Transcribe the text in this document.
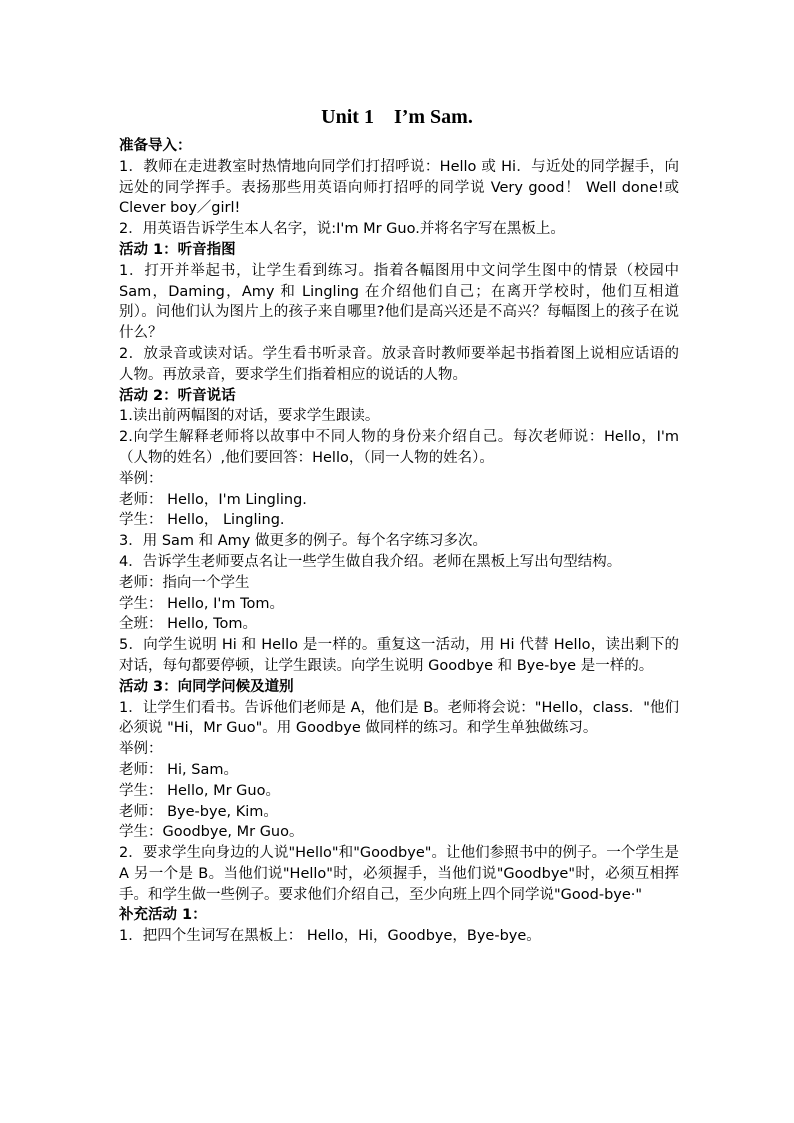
Unit 1    I’m Sam.

准备导入：

1．教师在走进教室时热情地向同学们打招呼说：Hello 或 Hi．与近处的同学握手，向远处的同学挥手。表扬那些用英语向师打招呼的同学说 Very good！ Well done!或 Clever boy／girl!

2．用英语告诉学生本人名字，说:I'm Mr Guo.并将名字写在黑板上。

活动 1：听音指图

1．打开并举起书，让学生看到练习。指着各幅图用中文问学生图中的情景（校园中 Sam，Daming，Amy 和 Lingling 在介绍他们自己；在离开学校时，他们互相道别）。问他们认为图片上的孩子来自哪里?他们是高兴还是不高兴？每幅图上的孩子在说什么？

2．放录音或读对话。学生看书听录音。放录音时教师要举起书指着图上说相应话语的人物。再放录音，要求学生们指着相应的说话的人物。

活动 2：听音说话

1.读出前两幅图的对话，要求学生跟读。

2.向学生解释老师将以故事中不同人物的身份来介绍自己。每次老师说：Hello，I'm（人物的姓名）,他们要回答：Hello，（同一人物的姓名）。

举例：

老师： Hello，I'm Lingling.

学生： Hello， Lingling.

3．用 Sam 和 Amy 做更多的例子。每个名字练习多次。

4．告诉学生老师要点名让一些学生做自我介绍。老师在黑板上写出句型结构。

老师：指向一个学生

学生： Hello, I'm Tom。

全班： Hello, Tom。

5．向学生说明 Hi 和 Hello 是一样的。重复这一活动，用 Hi 代替 Hello，读出剩下的对话，每句都要停顿，让学生跟读。向学生说明 Goodbye 和 Bye-bye 是一样的。

活动 3：向同学问候及道别

1．让学生们看书。告诉他们老师是 A，他们是 B。老师将会说："Hello，class．"他们必须说 "Hi，Mr Guo"。用 Goodbye 做同样的练习。和学生单独做练习。

举例：

老师： Hi, Sam。

学生： Hello, Mr Guo。

老师： Bye-bye, Kim。

学生：Goodbye, Mr Guo。

2．要求学生向身边的人说"Hello"和"Goodbye"。让他们参照书中的例子。一个学生是 A 另一个是 B。当他们说"Hello"时，必须握手，当他们说"Goodbye"时，必须互相挥手。和学生做一些例子。要求他们介绍自己，至少向班上四个同学说"Good-bye·"

补充活动 1：

1．把四个生词写在黑板上： Hello，Hi，Goodbye，Bye-bye。
